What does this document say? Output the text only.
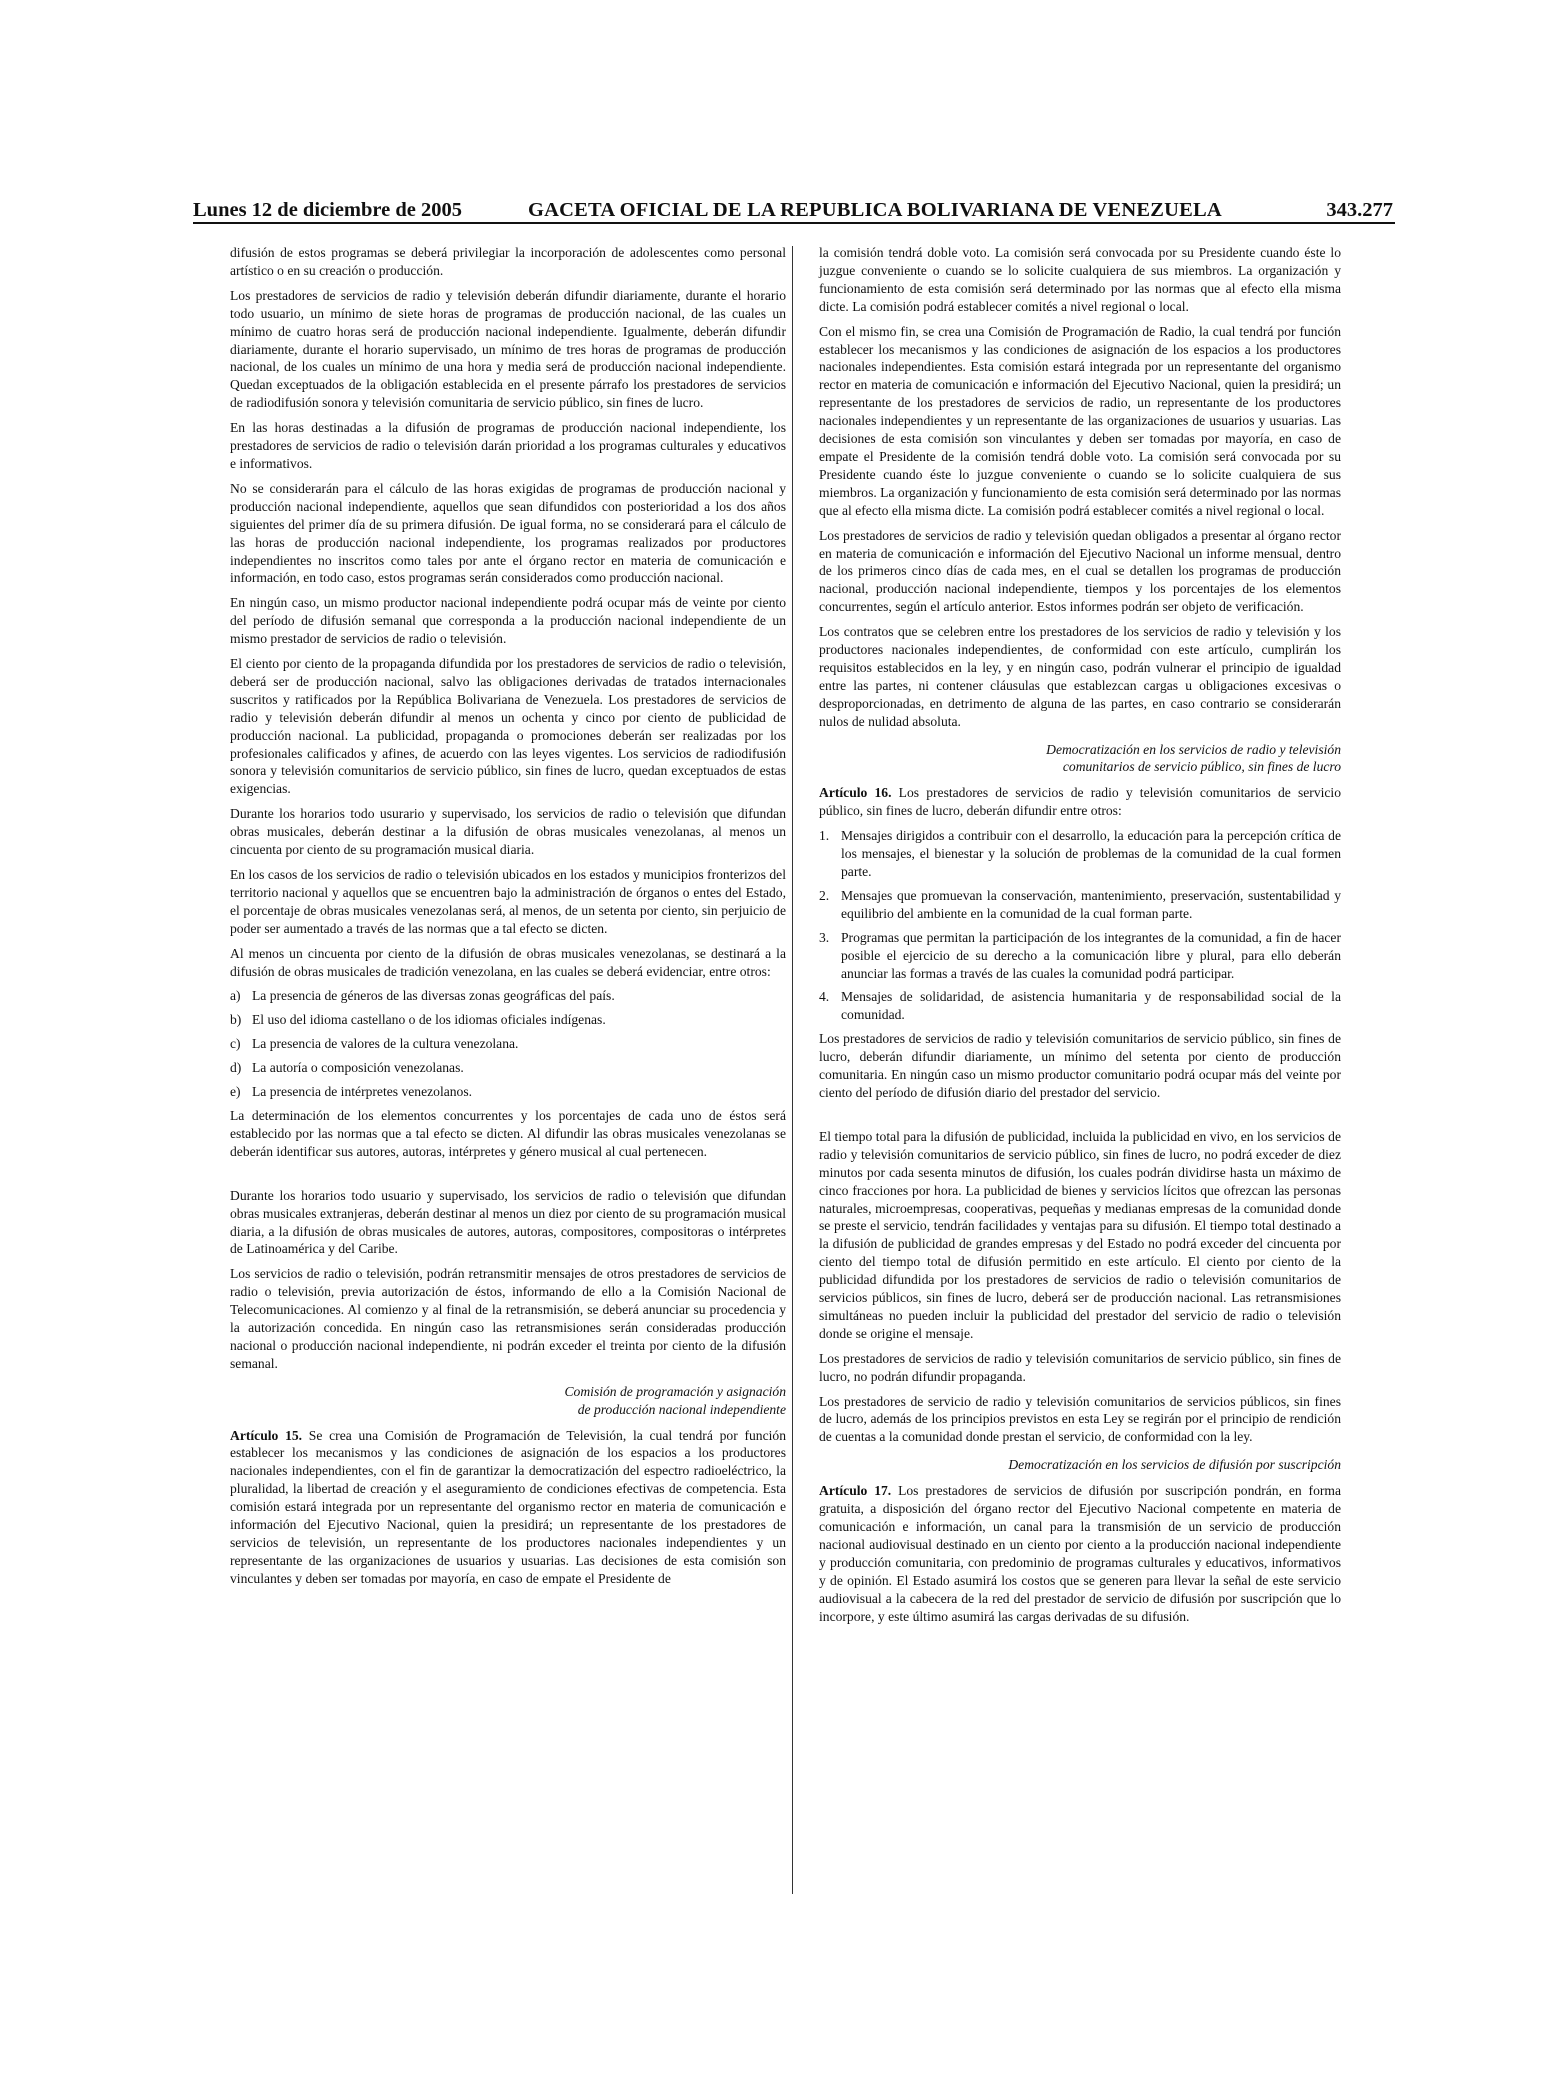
Lunes 12 de diciembre de 2005	GACETA OFICIAL DE LA REPUBLICA BOLIVARIANA DE VENEZUELA	343.277

difusión de estos programas se deberá privilegiar la incorporación de adolescentes como personal artístico o en su creación o producción.

Los prestadores de servicios de radio y televisión deberán difundir diariamente, durante el horario todo usuario, un mínimo de siete horas de programas de producción nacional, de las cuales un mínimo de cuatro horas será de producción nacional independiente. Igualmente, deberán difundir diariamente, durante el horario supervisado, un mínimo de tres horas de programas de producción nacional, de los cuales un mínimo de una hora y media será de producción nacional independiente. Quedan exceptuados de la obligación establecida en el presente párrafo los prestadores de servicios de radiodifusión sonora y televisión comunitaria de servicio público, sin fines de lucro.

En las horas destinadas a la difusión de programas de producción nacional independiente, los prestadores de servicios de radio o televisión darán prioridad a los programas culturales y educativos e informativos.

No se considerarán para el cálculo de las horas exigidas de programas de producción nacional y producción nacional independiente, aquellos que sean difundidos con posterioridad a los dos años siguientes del primer día de su primera difusión. De igual forma, no se considerará para el cálculo de las horas de producción nacional independiente, los programas realizados por productores independientes no inscritos como tales por ante el órgano rector en materia de comunicación e información, en todo caso, estos programas serán considerados como producción nacional.

En ningún caso, un mismo productor nacional independiente podrá ocupar más de veinte por ciento del período de difusión semanal que corresponda a la producción nacional independiente de un mismo prestador de servicios de radio o televisión.

El ciento por ciento de la propaganda difundida por los prestadores de servicios de radio o televisión, deberá ser de producción nacional, salvo las obligaciones derivadas de tratados internacionales suscritos y ratificados por la República Bolivariana de Venezuela. Los prestadores de servicios de radio y televisión deberán difundir al menos un ochenta y cinco por ciento de publicidad de producción nacional. La publicidad, propaganda o promociones deberán ser realizadas por los profesionales calificados y afines, de acuerdo con las leyes vigentes. Los servicios de radiodifusión sonora y televisión comunitarios de servicio público, sin fines de lucro, quedan exceptuados de estas exigencias.

Durante los horarios todo usurario y supervisado, los servicios de radio o televisión que difundan obras musicales, deberán destinar a la difusión de obras musicales venezolanas, al menos un cincuenta por ciento de su programación musical diaria.

En los casos de los servicios de radio o televisión ubicados en los estados y municipios fronterizos del territorio nacional y aquellos que se encuentren bajo la administración de órganos o entes del Estado, el porcentaje de obras musicales venezolanas será, al menos, de un setenta por ciento, sin perjuicio de poder ser aumentado a través de las normas que a tal efecto se dicten.

Al menos un cincuenta por ciento de la difusión de obras musicales venezolanas, se destinará a la difusión de obras musicales de tradición venezolana, en las cuales se deberá evidenciar, entre otros:

a) La presencia de géneros de las diversas zonas geográficas del país.
b) El uso del idioma castellano o de los idiomas oficiales indígenas.
c) La presencia de valores de la cultura venezolana.
d) La autoría o composición venezolanas.
e) La presencia de intérpretes venezolanos.

La determinación de los elementos concurrentes y los porcentajes de cada uno de éstos será establecido por las normas que a tal efecto se dicten. Al difundir las obras musicales venezolanas se deberán identificar sus autores, autoras, intérpretes y género musical al cual pertenecen.

Durante los horarios todo usuario y supervisado, los servicios de radio o televisión que difundan obras musicales extranjeras, deberán destinar al menos un diez por ciento de su programación musical diaria, a la difusión de obras musicales de autores, autoras, compositores, compositoras o intérpretes de Latinoamérica y del Caribe.

Los servicios de radio o televisión, podrán retransmitir mensajes de otros prestadores de servicios de radio o televisión, previa autorización de éstos, informando de ello a la Comisión Nacional de Telecomunicaciones. Al comienzo y al final de la retransmisión, se deberá anunciar su procedencia y la autorización concedida. En ningún caso las retransmisiones serán consideradas producción nacional o producción nacional independiente, ni podrán exceder el treinta por ciento de la difusión semanal.

Comisión de programación y asignación
de producción nacional independiente

Artículo 15. Se crea una Comisión de Programación de Televisión, la cual tendrá por función establecer los mecanismos y las condiciones de asignación de los espacios a los productores nacionales independientes, con el fin de garantizar la democratización del espectro radioeléctrico, la pluralidad, la libertad de creación y el aseguramiento de condiciones efectivas de competencia. Esta comisión estará integrada por un representante del organismo rector en materia de comunicación e información del Ejecutivo Nacional, quien la presidirá; un representante de los prestadores de servicios de televisión, un representante de los productores nacionales independientes y un representante de las organizaciones de usuarios y usuarias. Las decisiones de esta comisión son vinculantes y deben ser tomadas por mayoría, en caso de empate el Presidente de

la comisión tendrá doble voto. La comisión será convocada por su Presidente cuando éste lo juzgue conveniente o cuando se lo solicite cualquiera de sus miembros. La organización y funcionamiento de esta comisión será determinado por las normas que al efecto ella misma dicte. La comisión podrá establecer comités a nivel regional o local.

Con el mismo fin, se crea una Comisión de Programación de Radio, la cual tendrá por función establecer los mecanismos y las condiciones de asignación de los espacios a los productores nacionales independientes. Esta comisión estará integrada por un representante del organismo rector en materia de comunicación e información del Ejecutivo Nacional, quien la presidirá; un representante de los prestadores de servicios de radio, un representante de los productores nacionales independientes y un representante de las organizaciones de usuarios y usuarias. Las decisiones de esta comisión son vinculantes y deben ser tomadas por mayoría, en caso de empate el Presidente de la comisión tendrá doble voto. La comisión será convocada por su Presidente cuando éste lo juzgue conveniente o cuando se lo solicite cualquiera de sus miembros. La organización y funcionamiento de esta comisión será determinado por las normas que al efecto ella misma dicte. La comisión podrá establecer comités a nivel regional o local.

Los prestadores de servicios de radio y televisión quedan obligados a presentar al órgano rector en materia de comunicación e información del Ejecutivo Nacional un informe mensual, dentro de los primeros cinco días de cada mes, en el cual se detallen los programas de producción nacional, producción nacional independiente, tiempos y los porcentajes de los elementos concurrentes, según el artículo anterior. Estos informes podrán ser objeto de verificación.

Los contratos que se celebren entre los prestadores de los servicios de radio y televisión y los productores nacionales independientes, de conformidad con este artículo, cumplirán los requisitos establecidos en la ley, y en ningún caso, podrán vulnerar el principio de igualdad entre las partes, ni contener cláusulas que establezcan cargas u obligaciones excesivas o desproporcionadas, en detrimento de alguna de las partes, en caso contrario se considerarán nulos de nulidad absoluta.

Democratización en los servicios de radio y televisión
comunitarios de servicio público, sin fines de lucro

Artículo 16. Los prestadores de servicios de radio y televisión comunitarios de servicio público, sin fines de lucro, deberán difundir entre otros:

1. Mensajes dirigidos a contribuir con el desarrollo, la educación para la percepción crítica de los mensajes, el bienestar y la solución de problemas de la comunidad de la cual formen parte.
2. Mensajes que promuevan la conservación, mantenimiento, preservación, sustentabilidad y equilibrio del ambiente en la comunidad de la cual forman parte.
3. Programas que permitan la participación de los integrantes de la comunidad, a fin de hacer posible el ejercicio de su derecho a la comunicación libre y plural, para ello deberán anunciar las formas a través de las cuales la comunidad podrá participar.
4. Mensajes de solidaridad, de asistencia humanitaria y de responsabilidad social de la comunidad.

Los prestadores de servicios de radio y televisión comunitarios de servicio público, sin fines de lucro, deberán difundir diariamente, un mínimo del setenta por ciento de producción comunitaria. En ningún caso un mismo productor comunitario podrá ocupar más del veinte por ciento del período de difusión diario del prestador del servicio.

El tiempo total para la difusión de publicidad, incluida la publicidad en vivo, en los servicios de radio y televisión comunitarios de servicio público, sin fines de lucro, no podrá exceder de diez minutos por cada sesenta minutos de difusión, los cuales podrán dividirse hasta un máximo de cinco fracciones por hora. La publicidad de bienes y servicios lícitos que ofrezcan las personas naturales, microempresas, cooperativas, pequeñas y medianas empresas de la comunidad donde se preste el servicio, tendrán facilidades y ventajas para su difusión. El tiempo total destinado a la difusión de publicidad de grandes empresas y del Estado no podrá exceder del cincuenta por ciento del tiempo total de difusión permitido en este artículo. El ciento por ciento de la publicidad difundida por los prestadores de servicios de radio o televisión comunitarios de servicios públicos, sin fines de lucro, deberá ser de producción nacional. Las retransmisiones simultáneas no pueden incluir la publicidad del prestador del servicio de radio o televisión donde se origine el mensaje.

Los prestadores de servicios de radio y televisión comunitarios de servicio público, sin fines de lucro, no podrán difundir propaganda.

Los prestadores de servicio de radio y televisión comunitarios de servicios públicos, sin fines de lucro, además de los principios previstos en esta Ley se regirán por el principio de rendición de cuentas a la comunidad donde prestan el servicio, de conformidad con la ley.

Democratización en los servicios de difusión por suscripción

Artículo 17. Los prestadores de servicios de difusión por suscripción pondrán, en forma gratuita, a disposición del órgano rector del Ejecutivo Nacional competente en materia de comunicación e información, un canal para la transmisión de un servicio de producción nacional audiovisual destinado en un ciento por ciento a la producción nacional independiente y producción comunitaria, con predominio de programas culturales y educativos, informativos y de opinión. El Estado asumirá los costos que se generen para llevar la señal de este servicio audiovisual a la cabecera de la red del prestador de servicio de difusión por suscripción que lo incorpore, y este último asumirá las cargas derivadas de su difusión.
